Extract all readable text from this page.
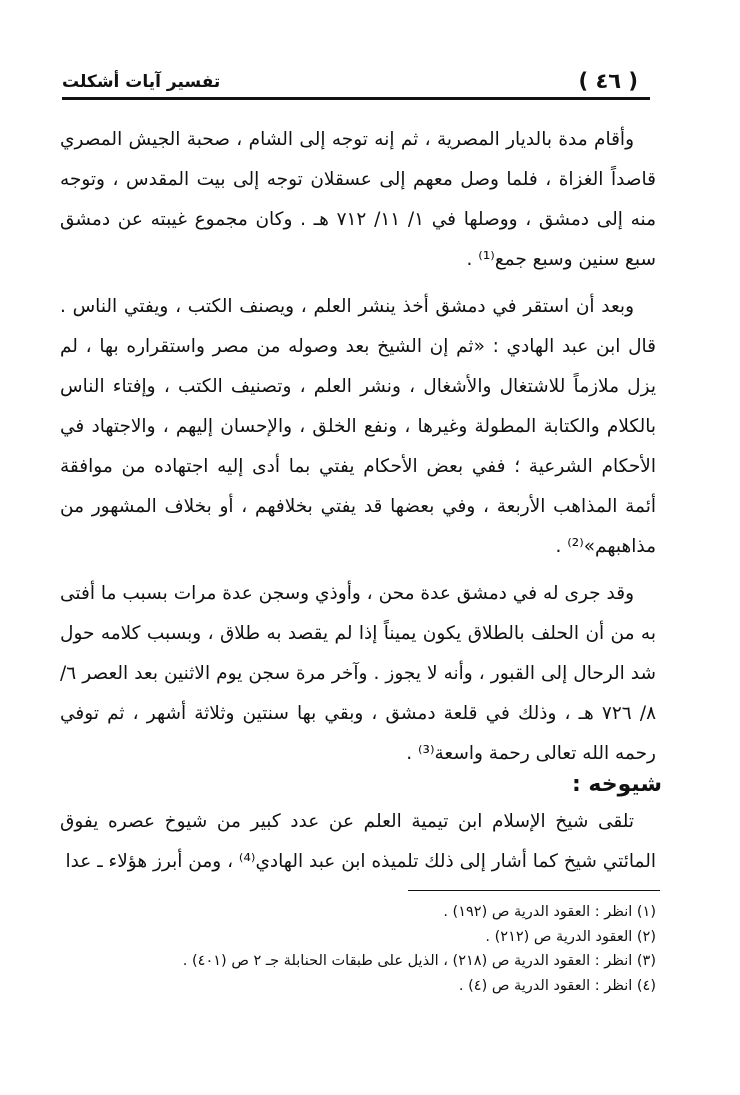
( ٤٦ )
تفسير آيات أشكلت

وأقام مدة بالديار المصرية ، ثم إنه توجه إلى الشام ، صحبة الجيش المصري قاصداً الغزاة ، فلما وصل معهم إلى عسقلان توجه إلى بيت المقدس ، وتوجه منه إلى دمشق ، ووصلها في ١/ ١١/ ٧١٢ هـ . وكان مجموع غيبته عن دمشق سبع سنين وسبع جمع⁽¹⁾ .

وبعد أن استقر في دمشق أخذ ينشر العلم ، ويصنف الكتب ، ويفتي الناس . قال ابن عبد الهادي : «ثم إن الشيخ بعد وصوله من مصر واستقراره بها ، لم يزل ملازماً للاشتغال والأشغال ، ونشر العلم ، وتصنيف الكتب ، وإفتاء الناس بالكلام والكتابة المطولة وغيرها ، ونفع الخلق ، والإحسان إليهم ، والاجتهاد في الأحكام الشرعية ؛ ففي بعض الأحكام يفتي بما أدى إليه اجتهاده من موافقة أئمة المذاهب الأربعة ، وفي بعضها قد يفتي بخلافهم ، أو بخلاف المشهور من مذاهبهم»⁽²⁾ .

وقد جرى له في دمشق عدة محن ، وأوذي وسجن عدة مرات بسبب ما أفتى به من أن الحلف بالطلاق يكون يميناً إذا لم يقصد به طلاق ، وبسبب كلامه حول شد الرحال إلى القبور ، وأنه لا يجوز . وآخر مرة سجن يوم الاثنين بعد العصر ٦/ ٨/ ٧٢٦ هـ ، وذلك في قلعة دمشق ، وبقي بها سنتين وثلاثة أشهر ، ثم توفي رحمه الله تعالى رحمة واسعة⁽³⁾ .

شيوخه :

تلقى شيخ الإسلام ابن تيمية العلم عن عدد كبير من شيوخ عصره يفوق المائتي شيخ كما أشار إلى ذلك تلميذه ابن عبد الهادي⁽⁴⁾ ، ومن أبرز هؤلاء ـ عدا

(١) انظر : العقود الدرية ص (١٩٢) .
(٢) العقود الدرية ص (٢١٢) .
(٣) انظر : العقود الدرية ص (٢١٨) ، الذيل على طبقات الحنابلة جـ ٢ ص (٤٠١) .
(٤) انظر : العقود الدرية ص (٤) .
